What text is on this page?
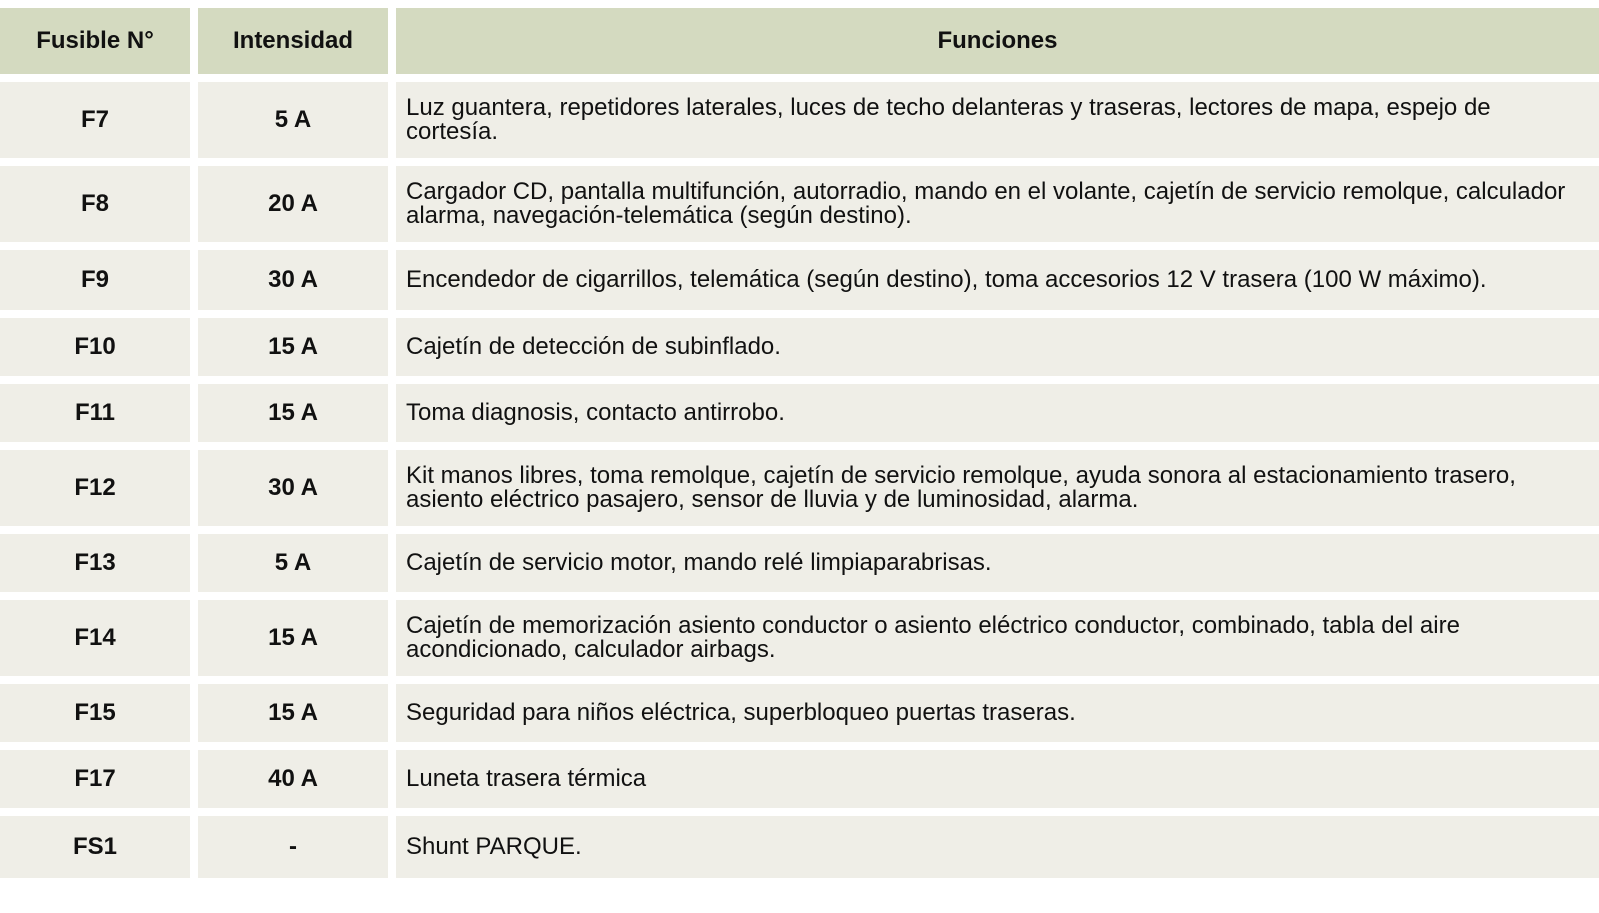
Fusible N°	Intensidad	Funciones
F7	5 A	Luz guantera, repetidores laterales, luces de techo delanteras y traseras, lectores de mapa, espejo de cortesía.
F8	20 A	Cargador CD, pantalla multifunción, autorradio, mando en el volante, cajetín de servicio remolque, calculador alarma, navegación-telemática (según destino).
F9	30 A	Encendedor de cigarrillos, telemática (según destino), toma accesorios 12 V trasera (100 W máximo).
F10	15 A	Cajetín de detección de subinflado.
F11	15 A	Toma diagnosis, contacto antirrobo.
F12	30 A	Kit manos libres, toma remolque, cajetín de servicio remolque, ayuda sonora al estacionamiento trasero, asiento eléctrico pasajero, sensor de lluvia y de luminosidad, alarma.
F13	5 A	Cajetín de servicio motor, mando relé limpiaparabrisas.
F14	15 A	Cajetín de memorización asiento conductor o asiento eléctrico conductor, combinado, tabla del aire acondicionado, calculador airbags.
F15	15 A	Seguridad para niños eléctrica, superbloqueo puertas traseras.
F17	40 A	Luneta trasera térmica
FS1	-	Shunt PARQUE.
